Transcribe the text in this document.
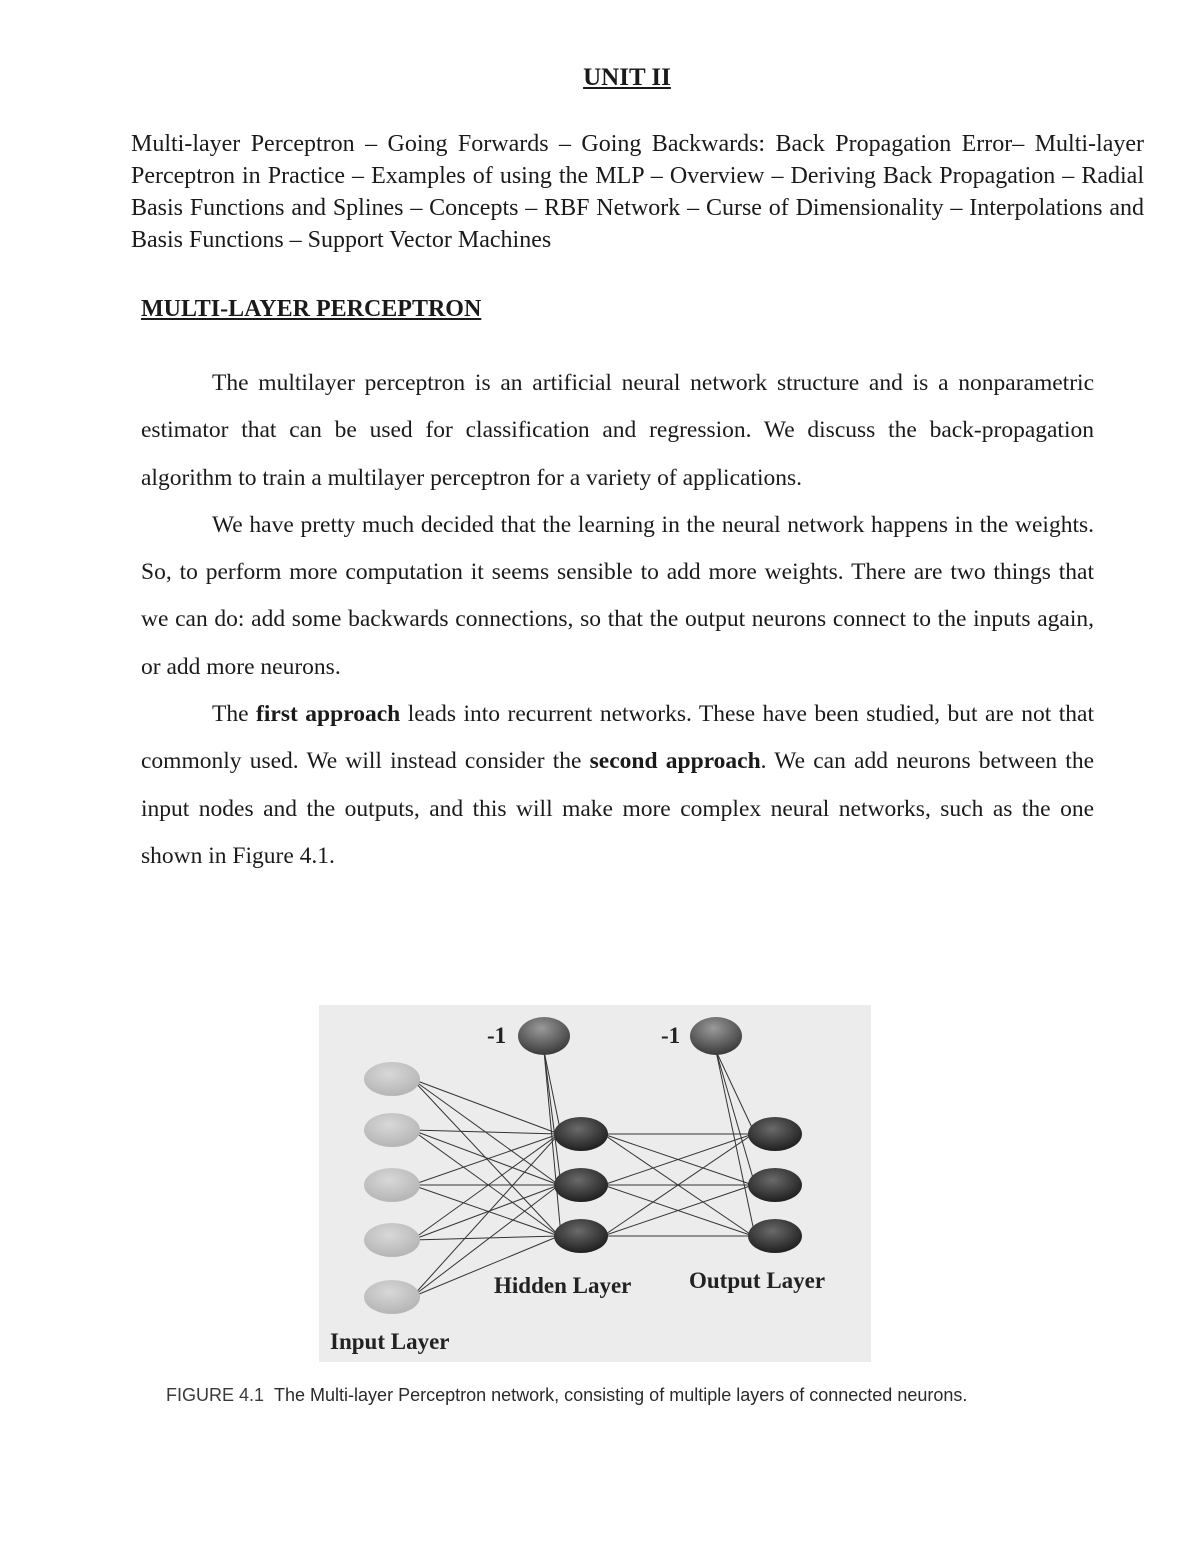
UNIT II
Multi-layer Perceptron – Going Forwards – Going Backwards: Back Propagation Error– Multi-layer Perceptron in Practice – Examples of using the MLP – Overview – Deriving Back Propagation – Radial Basis Functions and Splines – Concepts – RBF Network – Curse of Dimensionality – Interpolations and Basis Functions – Support Vector Machines
MULTI-LAYER PERCEPTRON

The multilayer perceptron is an artificial neural network structure and is a nonparametric estimator that can be used for classification and regression. We discuss the back-propagation algorithm to train a multilayer perceptron for a variety of applications.

We have pretty much decided that the learning in the neural network happens in the weights. So, to perform more computation it seems sensible to add more weights. There are two things that we can do: add some backwards connections, so that the output neurons connect to the inputs again, or add more neurons.

The first approach leads into recurrent networks. These have been studied, but are not that commonly used. We will instead consider the second approach. We can add neurons between the input nodes and the outputs, and this will make more complex neural networks, such as the one shown in Figure 4.1.

-1	-1
Hidden Layer	Output Layer
Input Layer
FIGURE 4.1 The Multi-layer Perceptron network, consisting of multiple layers of connected neurons.
